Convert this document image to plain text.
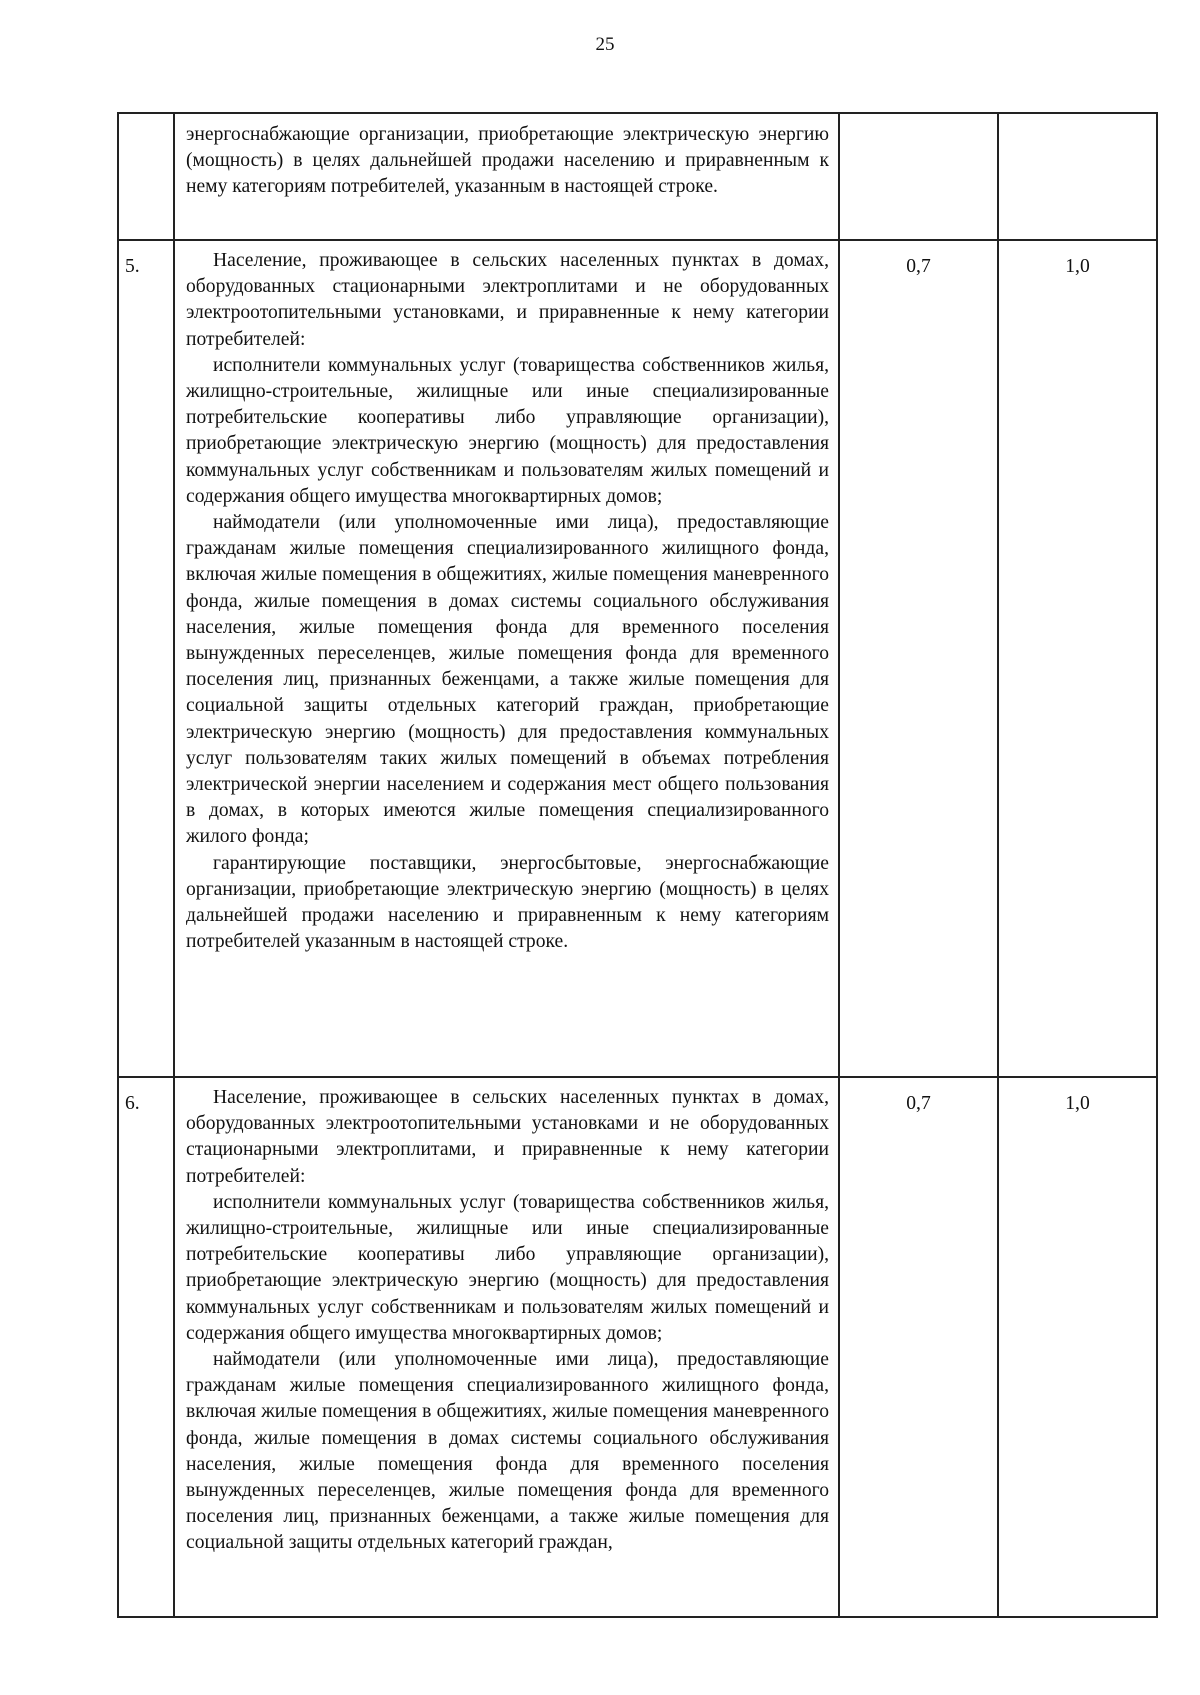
25

	энергоснабжающие организации, приобретающие электрическую энергию (мощность) в целях дальнейшей продажи населению и приравненным к нему категориям потребителей, указанным в настоящей строке.		

5.	Население, проживающее в сельских населенных пунктах в домах, оборудованных стационарными электроплитами и не оборудованных электроотопительными установками, и приравненные к нему категории потребителей:

исполнители коммунальных услуг (товарищества собственников жилья, жилищно-строительные, жилищные или иные специализированные потребительские кооперативы либо управляющие организации), приобретающие электрическую энергию (мощность) для предоставления коммунальных услуг собственникам и пользователям жилых помещений и содержания общего имущества многоквартирных домов;

наймодатели (или уполномоченные ими лица), предоставляющие гражданам жилые помещения специализированного жилищного фонда, включая жилые помещения в общежитиях, жилые помещения маневренного фонда, жилые помещения в домах системы социального обслуживания населения, жилые помещения фонда для временного поселения вынужденных переселенцев, жилые помещения фонда для временного поселения лиц, признанных беженцами, а также жилые помещения для социальной защиты отдельных категорий граждан, приобретающие электрическую энергию (мощность) для предоставления коммунальных услуг пользователям таких жилых помещений в объемах потребления электрической энергии населением и содержания мест общего пользования в домах, в которых имеются жилые помещения специализированного жилого фонда;

гарантирующие поставщики, энергосбытовые, энергоснабжающие организации, приобретающие электрическую энергию (мощность) в целях дальнейшей продажи населению и приравненным к нему категориям потребителей указанным в настоящей строке.	0,7	1,0
6.	Население, проживающее в сельских населенных пунктах в домах, оборудованных электроотопительными установками и не оборудованных стационарными электроплитами, и приравненные к нему категории потребителей:

исполнители коммунальных услуг (товарищества собственников жилья, жилищно-строительные, жилищные или иные специализированные потребительские кооперативы либо управляющие организации), приобретающие электрическую энергию (мощность) для предоставления коммунальных услуг собственникам и пользователям жилых помещений и содержания общего имущества многоквартирных домов;

наймодатели (или уполномоченные ими лица), предоставляющие гражданам жилые помещения специализированного жилищного фонда, включая жилые помещения в общежитиях, жилые помещения маневренного фонда, жилые помещения в домах системы социального обслуживания населения, жилые помещения фонда для временного поселения вынужденных переселенцев, жилые помещения фонда для временного поселения лиц, признанных беженцами, а также жилые помещения для социальной защиты отдельных категорий граждан,	0,7	1,0
